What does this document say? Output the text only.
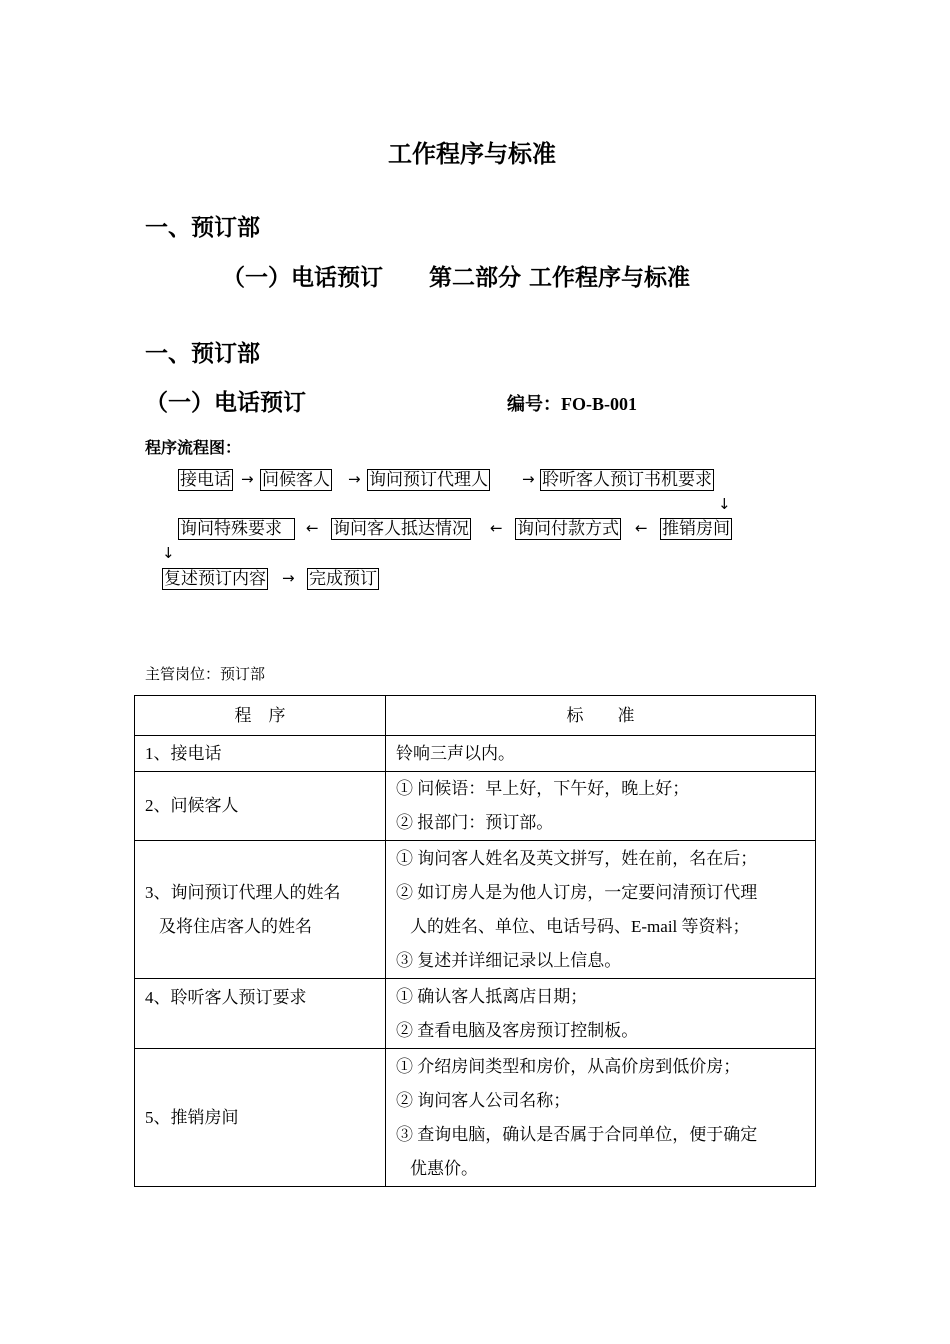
工作程序与标准
一、预订部
（一）电话预订　　第二部分 工作程序与标准
一、预订部
（一）电话预订	编号：FO-B-001
程序流程图：
接电话 → 问候客人 → 询问预订代理人 → 聆听客人预订书机要求
↓
询问特殊要求	← 询问客人抵达情况 ← 询问付款方式 ← 推销房间
↓
复述预订内容 → 完成预订
主管岗位：预订部
程　序	标　　准
1、接电话	铃响三声以内。

2、问候客人	① 问候语：早上好，下午好，晚上好；
② 报部门：预订部。

3、询问预订代理人的姓名
及将住店客人的姓名	① 询问客人姓名及英文拼写，姓在前，名在后；
② 如订房人是为他人订房，一定要问清预订代理
人的姓名、单位、电话号码、E-mail 等资料；
③ 复述并详细记录以上信息。

4、聆听客人预订要求	① 确认客人抵离店日期；
② 查看电脑及客房预订控制板。

5、推销房间	① 介绍房间类型和房价，从高价房到低价房；
② 询问客人公司名称；
③ 查询电脑，确认是否属于合同单位，便于确定
优惠价。
